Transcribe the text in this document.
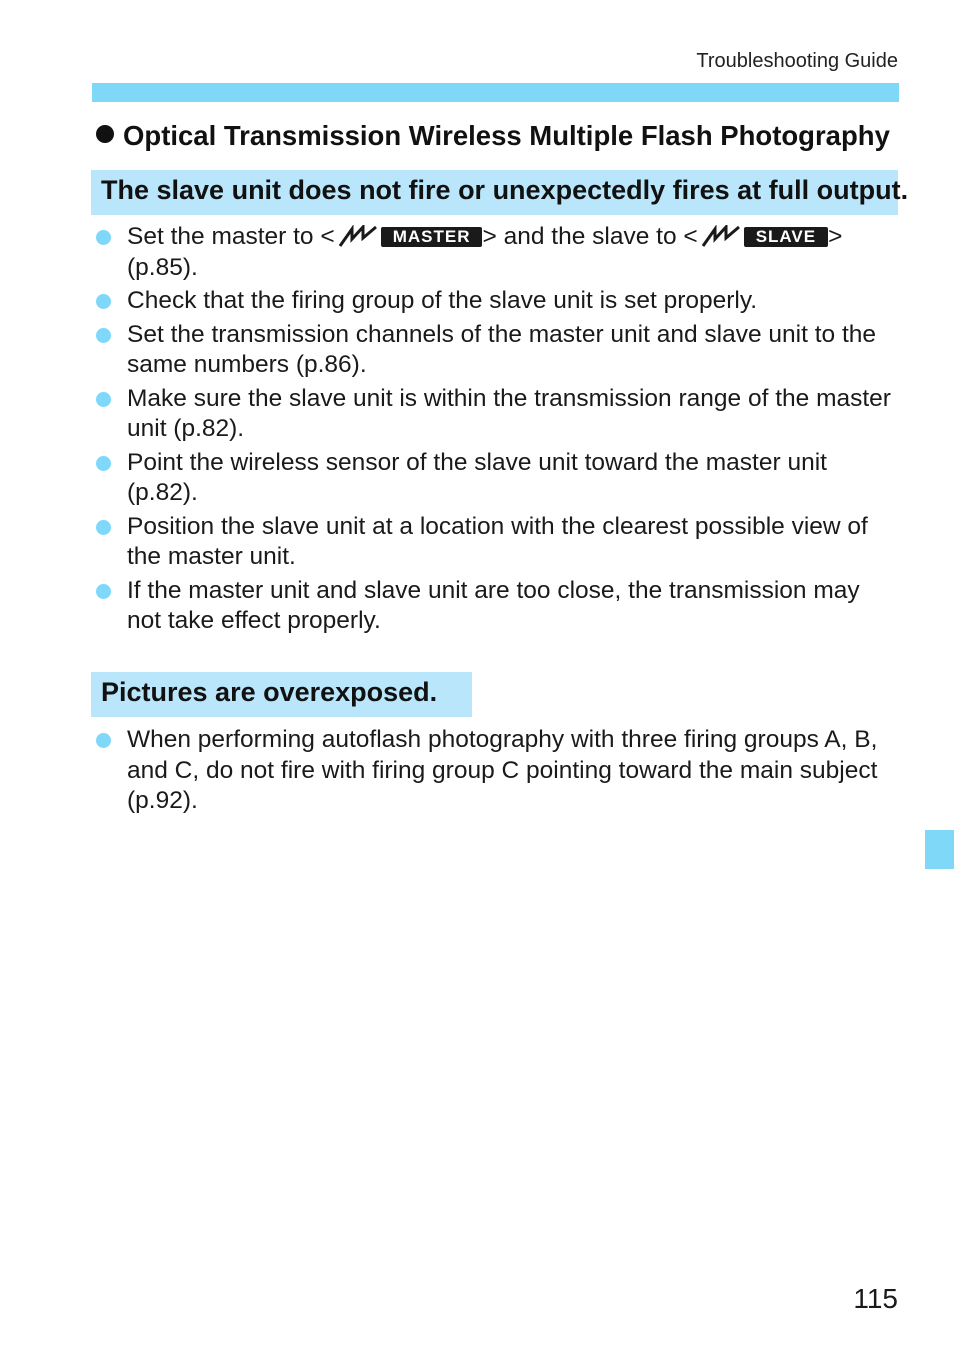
Troubleshooting Guide
Optical Transmission Wireless Multiple Flash Photography
The slave unit does not fire or unexpectedly fires at full output.
Set the master to <	MASTER > and the slave to <	SLAVE >
(p.85).
Check that the firing group of the slave unit is set properly.
Set the transmission channels of the master unit and slave unit to the same numbers (p.86).
Make sure the slave unit is within the transmission range of the master unit (p.82).
Point the wireless sensor of the slave unit toward the master unit (p.82).
Position the slave unit at a location with the clearest possible view of the master unit.
If the master unit and slave unit are too close, the transmission may not take effect properly.
Pictures are overexposed.
When performing autoflash photography with three firing groups A, B, and C, do not fire with firing group C pointing toward the main subject (p.92).
115
